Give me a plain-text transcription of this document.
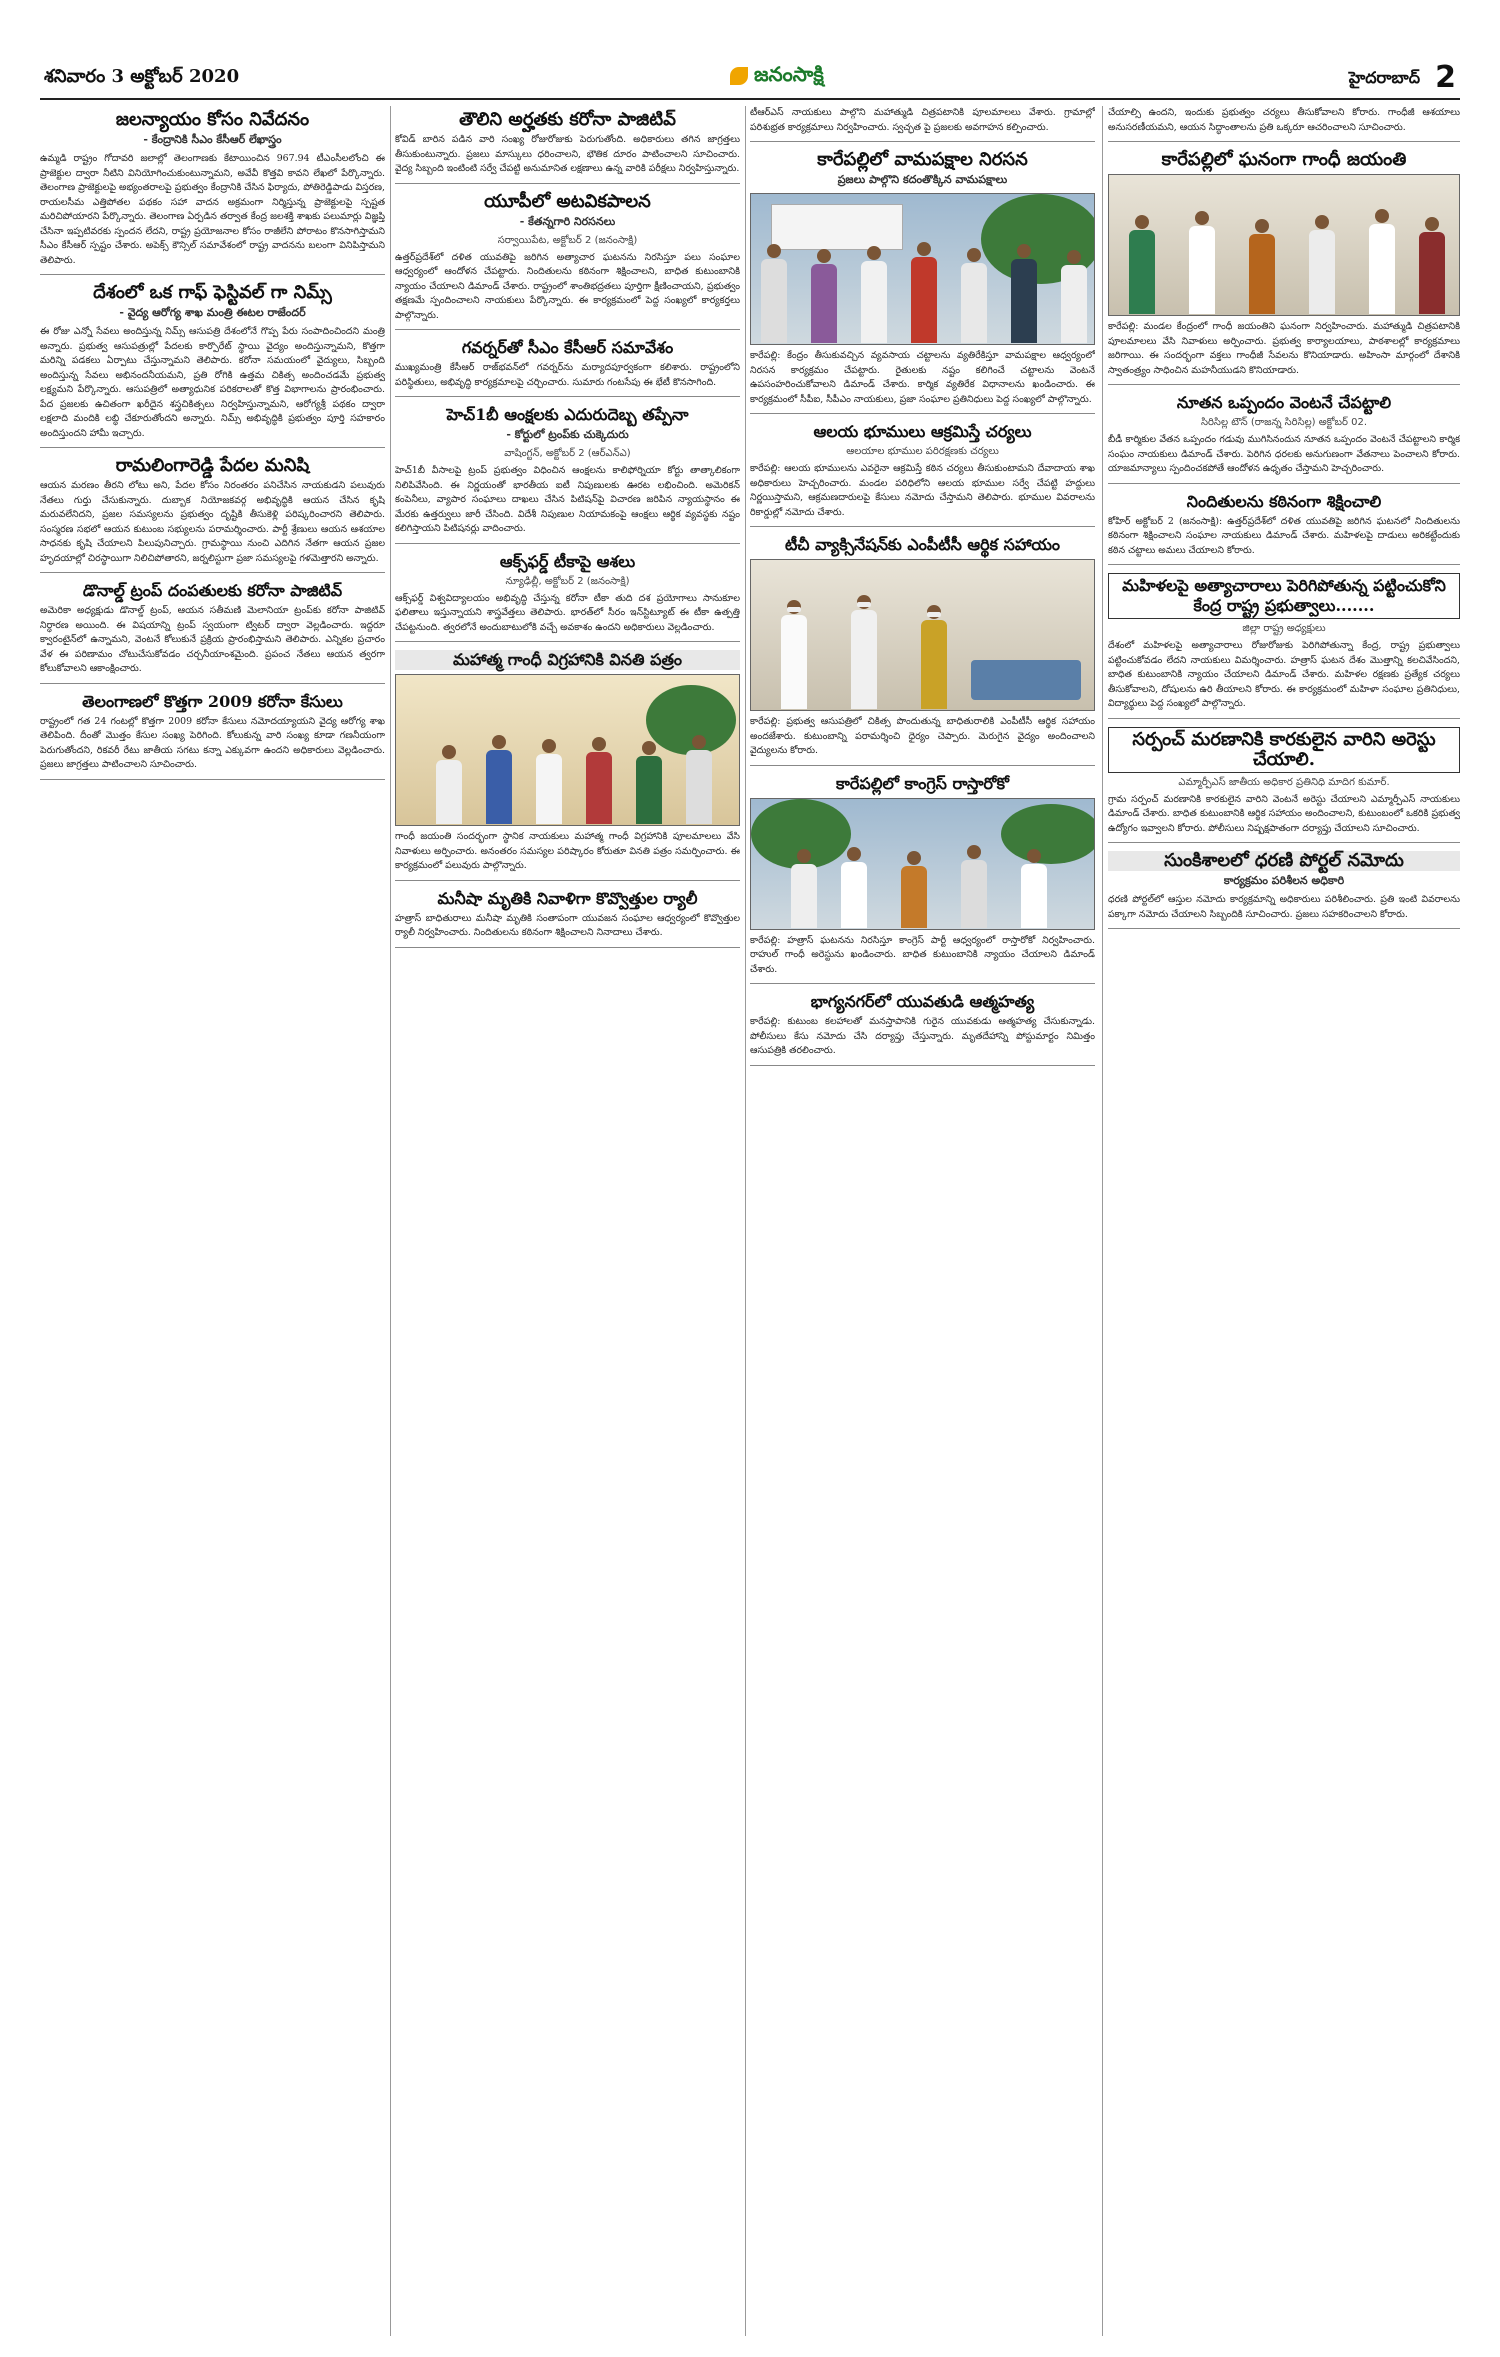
శనివారం 3 అక్టోబర్ 2020	జనంసాక్షి	హైదరాబాద్ 2
జలన్యాయం కోసం నివేదనం
- కేంద్రానికి సీఎం కేసీఆర్ లేఖాస్త్రం
ఉమ్మడి రాష్ట్రం గోదావరి జలాల్లో తెలంగాణకు కేటాయించిన 967.94 టీఎంసీలలోంచి ఈ ప్రాజెక్టుల ద్వారా నీటిని వినియోగించుకుంటున్నామని, అవేవీ కొత్తవి కావని లేఖలో పేర్కొన్నారు. తెలంగాణ ప్రాజెక్టులపై అభ్యంతరాలపై ప్రభుత్వం కేంద్రానికి చేసిన ఫిర్యాదు, పోతిరెడ్డిపాడు విస్తరణ, రాయలసీమ ఎత్తిపోతల పథకం సహా వాదన అక్రమంగా నిర్మిస్తున్న ప్రాజెక్టులపై స్పష్టత మరిచిపోయారని పేర్కొన్నారు. తెలంగాణ ఏర్పడిన తర్వాత కేంద్ర జలశక్తి శాఖకు పలుమార్లు విజ్ఞప్తి చేసినా ఇప్పటివరకు స్పందన లేదని, రాష్ట్ర ప్రయోజనాల కోసం రాజీలేని పోరాటం కొనసాగిస్తామని సీఎం కేసీఆర్ స్పష్టం చేశారు. అపెక్స్ కౌన్సిల్ సమావేశంలో రాష్ట్ర వాదనను బలంగా వినిపిస్తామని తెలిపారు.
దేశంలో ఒక గాఫ్ ఫెస్టివల్ గా నిమ్స్
- వైద్య ఆరోగ్య శాఖ మంత్రి ఈటల రాజేందర్
ఈ రోజు ఎన్నో సేవలు అందిస్తున్న నిమ్స్ ఆసుపత్రి దేశంలోనే గొప్ప పేరు సంపాదించిందని మంత్రి అన్నారు. ప్రభుత్వ ఆసుపత్రుల్లో పేదలకు కార్పొరేట్ స్థాయి వైద్యం అందిస్తున్నామని, కొత్తగా మరిన్ని పడకలు ఏర్పాటు చేస్తున్నామని తెలిపారు. కరోనా సమయంలో వైద్యులు, సిబ్బంది అందిస్తున్న సేవలు అభినందనీయమని, ప్రతి రోగికి ఉత్తమ చికిత్స అందించడమే ప్రభుత్వ లక్ష్యమని పేర్కొన్నారు. ఆసుపత్రిలో అత్యాధునిక పరికరాలతో కొత్త విభాగాలను ప్రారంభించారు. పేద ప్రజలకు ఉచితంగా ఖరీదైన శస్త్రచికిత్సలు నిర్వహిస్తున్నామని, ఆరోగ్యశ్రీ పథకం ద్వారా లక్షలాది మందికి లబ్ధి చేకూరుతోందని అన్నారు. నిమ్స్ అభివృద్ధికి ప్రభుత్వం పూర్తి సహకారం అందిస్తుందని హామీ ఇచ్చారు.
రామలింగారెడ్డి పేదల మనిషి
ఆయన మరణం తీరని లోటు అని, పేదల కోసం నిరంతరం పనిచేసిన నాయకుడని పలువురు నేతలు గుర్తు చేసుకున్నారు. దుబ్బాక నియోజకవర్గ అభివృద్ధికి ఆయన చేసిన కృషి మరువలేనిదని, ప్రజల సమస్యలను ప్రభుత్వం దృష్టికి తీసుకెళ్లి పరిష్కరించారని తెలిపారు. సంస్మరణ సభలో ఆయన కుటుంబ సభ్యులను పరామర్శించారు. పార్టీ శ్రేణులు ఆయన ఆశయాల సాధనకు కృషి చేయాలని పిలుపునిచ్చారు. గ్రామస్థాయి నుంచి ఎదిగిన నేతగా ఆయన ప్రజల హృదయాల్లో చిరస్థాయిగా నిలిచిపోతారని, జర్నలిస్టుగా ప్రజా సమస్యలపై గళమెత్తారని అన్నారు.
డొనాల్డ్ ట్రంప్ దంపతులకు కరోనా పాజిటివ్
అమెరికా అధ్యక్షుడు డొనాల్డ్ ట్రంప్, ఆయన సతీమణి మెలానియా ట్రంప్‌కు కరోనా పాజిటివ్ నిర్ధారణ అయింది. ఈ విషయాన్ని ట్రంప్ స్వయంగా ట్విటర్ ద్వారా వెల్లడించారు. ఇద్దరూ క్వారంటైన్‌లో ఉన్నామని, వెంటనే కోలుకునే ప్రక్రియ ప్రారంభిస్తామని తెలిపారు. ఎన్నికల ప్రచారం వేళ ఈ పరిణామం చోటుచేసుకోవడం చర్చనీయాంశమైంది. ప్రపంచ నేతలు ఆయన త్వరగా కోలుకోవాలని ఆకాంక్షించారు.
తెలంగాణలో కొత్తగా 2009 కరోనా కేసులు
రాష్ట్రంలో గత 24 గంటల్లో కొత్తగా 2009 కరోనా కేసులు నమోదయ్యాయని వైద్య ఆరోగ్య శాఖ తెలిపింది. దీంతో మొత్తం కేసుల సంఖ్య పెరిగింది. కోలుకున్న వారి సంఖ్య కూడా గణనీయంగా పెరుగుతోందని, రికవరీ రేటు జాతీయ సగటు కన్నా ఎక్కువగా ఉందని అధికారులు వెల్లడించారు. ప్రజలు జాగ్రత్తలు పాటించాలని సూచించారు.
తౌలిని అర్హతకు కరోనా పాజిటివ్
కోవిడ్ బారిన పడిన వారి సంఖ్య రోజురోజుకు పెరుగుతోంది. అధికారులు తగిన జాగ్రత్తలు తీసుకుంటున్నారు. ప్రజలు మాస్కులు ధరించాలని, భౌతిక దూరం పాటించాలని సూచించారు. వైద్య సిబ్బంది ఇంటింటి సర్వే చేపట్టి అనుమానిత లక్షణాలు ఉన్న వారికి పరీక్షలు నిర్వహిస్తున్నారు.
యూపీలో అటవికపాలన
- కేతన్నగారి నిరసనలు
సర్వాయిపేట, అక్టోబర్ 2 (జనంసాక్షి)
ఉత్తర్‌ప్రదేశ్‌లో దళిత యువతిపై జరిగిన అత్యాచార ఘటనను నిరసిస్తూ పలు సంఘాల ఆధ్వర్యంలో ఆందోళన చేపట్టారు. నిందితులను కఠినంగా శిక్షించాలని, బాధిత కుటుంబానికి న్యాయం చేయాలని డిమాండ్ చేశారు. రాష్ట్రంలో శాంతిభద్రతలు పూర్తిగా క్షీణించాయని, ప్రభుత్వం తక్షణమే స్పందించాలని నాయకులు పేర్కొన్నారు. ఈ కార్యక్రమంలో పెద్ద సంఖ్యలో కార్యకర్తలు పాల్గొన్నారు.
గవర్నర్‌తో సీఎం కేసీఆర్ సమావేశం
ముఖ్యమంత్రి కేసీఆర్ రాజ్‌భవన్‌లో గవర్నర్‌ను మర్యాదపూర్వకంగా కలిశారు. రాష్ట్రంలోని పరిస్థితులు, అభివృద్ధి కార్యక్రమాలపై చర్చించారు. సుమారు గంటసేపు ఈ భేటీ కొనసాగింది.
హెచ్1బీ ఆంక్షలకు ఎదురుదెబ్బ తప్పేనా
- కోర్టులో ట్రంప్‌కు చుక్కెదురు
వాషింగ్టన్, అక్టోబర్ 2 (ఆర్ఎన్ఎ)
హెచ్1బీ వీసాలపై ట్రంప్ ప్రభుత్వం విధించిన ఆంక్షలను కాలిఫోర్నియా కోర్టు తాత్కాలికంగా నిలిపివేసింది. ఈ నిర్ణయంతో భారతీయ ఐటీ నిపుణులకు ఊరట లభించింది. అమెరికన్ కంపెనీలు, వ్యాపార సంఘాలు దాఖలు చేసిన పిటిషన్‌పై విచారణ జరిపిన న్యాయస్థానం ఈ మేరకు ఉత్తర్వులు జారీ చేసింది. విదేశీ నిపుణుల నియామకంపై ఆంక్షలు ఆర్థిక వ్యవస్థకు నష్టం కలిగిస్తాయని పిటిషనర్లు వాదించారు.
ఆక్స్‌ఫర్డ్ టీకాపై ఆశలు
న్యూఢిల్లీ, అక్టోబర్ 2 (జనంసాక్షి)
ఆక్స్‌ఫర్డ్ విశ్వవిద్యాలయం అభివృద్ధి చేస్తున్న కరోనా టీకా తుది దశ ప్రయోగాలు సానుకూల ఫలితాలు ఇస్తున్నాయని శాస్త్రవేత్తలు తెలిపారు. భారత్‌లో సీరం ఇన్‌స్టిట్యూట్ ఈ టీకా ఉత్పత్తి చేపట్టనుంది. త్వరలోనే అందుబాటులోకి వచ్చే అవకాశం ఉందని అధికారులు వెల్లడించారు.
మహాత్మ గాంధీ విగ్రహానికి వినతి పత్రం
గాంధీ జయంతి సందర్భంగా స్థానిక నాయకులు మహాత్మ గాంధీ విగ్రహానికి పూలమాలలు వేసి నివాళులు అర్పించారు. అనంతరం సమస్యల పరిష్కారం కోరుతూ వినతి పత్రం సమర్పించారు. ఈ కార్యక్రమంలో పలువురు పాల్గొన్నారు.
మనీషా మృతికి నివాళిగా కొవ్వొత్తుల ర్యాలీ
హత్రాస్ బాధితురాలు మనీషా మృతికి సంతాపంగా యువజన సంఘాల ఆధ్వర్యంలో కొవ్వొత్తుల ర్యాలీ నిర్వహించారు. నిందితులను కఠినంగా శిక్షించాలని నినాదాలు చేశారు.
టీఆర్ఎస్ నాయకులు పాల్గొని మహాత్ముడి చిత్రపటానికి పూలమాలలు వేశారు. గ్రామాల్లో పరిశుభ్రత కార్యక్రమాలు నిర్వహించారు. స్వచ్ఛత పై ప్రజలకు అవగాహన కల్పించారు.
కారేపల్లిలో వామపక్షాల నిరసన
ప్రజలు పాల్గొని కదంతొక్కిన వామపక్షాలు
కారేపల్లి: కేంద్రం తీసుకువచ్చిన వ్యవసాయ చట్టాలను వ్యతిరేకిస్తూ వామపక్షాల ఆధ్వర్యంలో నిరసన కార్యక్రమం చేపట్టారు. రైతులకు నష్టం కలిగించే చట్టాలను వెంటనే ఉపసంహరించుకోవాలని డిమాండ్ చేశారు. కార్మిక వ్యతిరేక విధానాలను ఖండించారు. ఈ కార్యక్రమంలో సీపీఐ, సీపీఎం నాయకులు, ప్రజా సంఘాల ప్రతినిధులు పెద్ద సంఖ్యలో పాల్గొన్నారు.
ఆలయ భూములు ఆక్రమిస్తే చర్యలు
ఆలయాల భూముల పరిరక్షణకు చర్యలు
కారేపల్లి: ఆలయ భూములను ఎవరైనా ఆక్రమిస్తే కఠిన చర్యలు తీసుకుంటామని దేవాదాయ శాఖ అధికారులు హెచ్చరించారు. మండల పరిధిలోని ఆలయ భూముల సర్వే చేపట్టి హద్దులు నిర్ణయిస్తామని, ఆక్రమణదారులపై కేసులు నమోదు చేస్తామని తెలిపారు. భూముల వివరాలను రికార్డుల్లో నమోదు చేశారు.
టీచీ వ్యాక్సినేషన్‌కు ఎంపీటీసీ ఆర్థిక సహాయం
కారేపల్లి: ప్రభుత్వ ఆసుపత్రిలో చికిత్స పొందుతున్న బాధితురాలికి ఎంపీటీసీ ఆర్థిక సహాయం అందజేశారు. కుటుంబాన్ని పరామర్శించి ధైర్యం చెప్పారు. మెరుగైన వైద్యం అందించాలని వైద్యులను కోరారు.
కారేపల్లిలో కాంగ్రెస్ రాస్తారోకో
కారేపల్లి: హత్రాస్ ఘటనను నిరసిస్తూ కాంగ్రెస్ పార్టీ ఆధ్వర్యంలో రాస్తారోకో నిర్వహించారు. రాహుల్ గాంధీ అరెస్టును ఖండించారు. బాధిత కుటుంబానికి న్యాయం చేయాలని డిమాండ్ చేశారు.
భాగ్యనగర్‌లో యువతుడి ఆత్మహత్య
కారేపల్లి: కుటుంబ కలహాలతో మనస్తాపానికి గురైన యువకుడు ఆత్మహత్య చేసుకున్నాడు. పోలీసులు కేసు నమోదు చేసి దర్యాప్తు చేస్తున్నారు. మృతదేహాన్ని పోస్టుమార్టం నిమిత్తం ఆసుపత్రికి తరలించారు.
చేయాల్సి ఉందని, ఇందుకు ప్రభుత్వం చర్యలు తీసుకోవాలని కోరారు. గాంధీజీ ఆశయాలు అనుసరణీయమని, ఆయన సిద్ధాంతాలను ప్రతి ఒక్కరూ ఆచరించాలని సూచించారు.
కారేపల్లిలో ఘనంగా గాంధీ జయంతి
కారేపల్లి: మండల కేంద్రంలో గాంధీ జయంతిని ఘనంగా నిర్వహించారు. మహాత్ముడి చిత్రపటానికి పూలమాలలు వేసి నివాళులు అర్పించారు. ప్రభుత్వ కార్యాలయాలు, పాఠశాలల్లో కార్యక్రమాలు జరిగాయి. ఈ సందర్భంగా వక్తలు గాంధీజీ సేవలను కొనియాడారు. అహింసా మార్గంలో దేశానికి స్వాతంత్ర్యం సాధించిన మహనీయుడని కొనియాడారు.
నూతన ఒప్పందం వెంటనే చేపట్టాలి
సిరిసిల్ల టౌన్ (రాజన్న సిరిసిల్ల) అక్టోబర్ 02.
బీడీ కార్మికుల వేతన ఒప్పందం గడువు ముగిసినందున నూతన ఒప్పందం వెంటనే చేపట్టాలని కార్మిక సంఘం నాయకులు డిమాండ్ చేశారు. పెరిగిన ధరలకు అనుగుణంగా వేతనాలు పెంచాలని కోరారు. యాజమాన్యాలు స్పందించకపోతే ఆందోళన ఉధృతం చేస్తామని హెచ్చరించారు.
నిందితులను కఠినంగా శిక్షించాలి
కోహిర్ అక్టోబర్ 2 (జనంసాక్షి): ఉత్తర్‌ప్రదేశ్‌లో దళిత యువతిపై జరిగిన ఘటనలో నిందితులను కఠినంగా శిక్షించాలని సంఘాల నాయకులు డిమాండ్ చేశారు. మహిళలపై దాడులు అరికట్టేందుకు కఠిన చట్టాలు అమలు చేయాలని కోరారు.
మహిళలపై అత్యాచారాలు పెరిగిపోతున్న పట్టించుకోని కేంద్ర రాష్ట్ర ప్రభుత్వాలు.......
జిల్లా రాష్ట్ర అధ్యక్షులు
దేశంలో మహిళలపై అత్యాచారాలు రోజురోజుకు పెరిగిపోతున్నా కేంద్ర, రాష్ట్ర ప్రభుత్వాలు పట్టించుకోవడం లేదని నాయకులు విమర్శించారు. హత్రాస్ ఘటన దేశం మొత్తాన్ని కలచివేసిందని, బాధిత కుటుంబానికి న్యాయం చేయాలని డిమాండ్ చేశారు. మహిళల రక్షణకు ప్రత్యేక చర్యలు తీసుకోవాలని, దోషులను ఉరి తీయాలని కోరారు. ఈ కార్యక్రమంలో మహిళా సంఘాల ప్రతినిధులు, విద్యార్థులు పెద్ద సంఖ్యలో పాల్గొన్నారు.
సర్పంచ్ మరణానికి కారకులైన వారిని అరెస్టు చేయాలి.
ఎమ్మార్పీఎస్ జాతీయ అధికార ప్రతినిధి మాదిగ కుమార్.
గ్రామ సర్పంచ్ మరణానికి కారకులైన వారిని వెంటనే అరెస్టు చేయాలని ఎమ్మార్పీఎస్ నాయకులు డిమాండ్ చేశారు. బాధిత కుటుంబానికి ఆర్థిక సహాయం అందించాలని, కుటుంబంలో ఒకరికి ప్రభుత్వ ఉద్యోగం ఇవ్వాలని కోరారు. పోలీసులు నిష్పక్షపాతంగా దర్యాప్తు చేయాలని సూచించారు.
సుంకిశాలలో ధరణి పోర్టల్ నమోదు
కార్యక్రమం పరిశీలన అధికారి
ధరణి పోర్టల్‌లో ఆస్తుల నమోదు కార్యక్రమాన్ని అధికారులు పరిశీలించారు. ప్రతి ఇంటి వివరాలను పక్కాగా నమోదు చేయాలని సిబ్బందికి సూచించారు. ప్రజలు సహకరించాలని కోరారు.
